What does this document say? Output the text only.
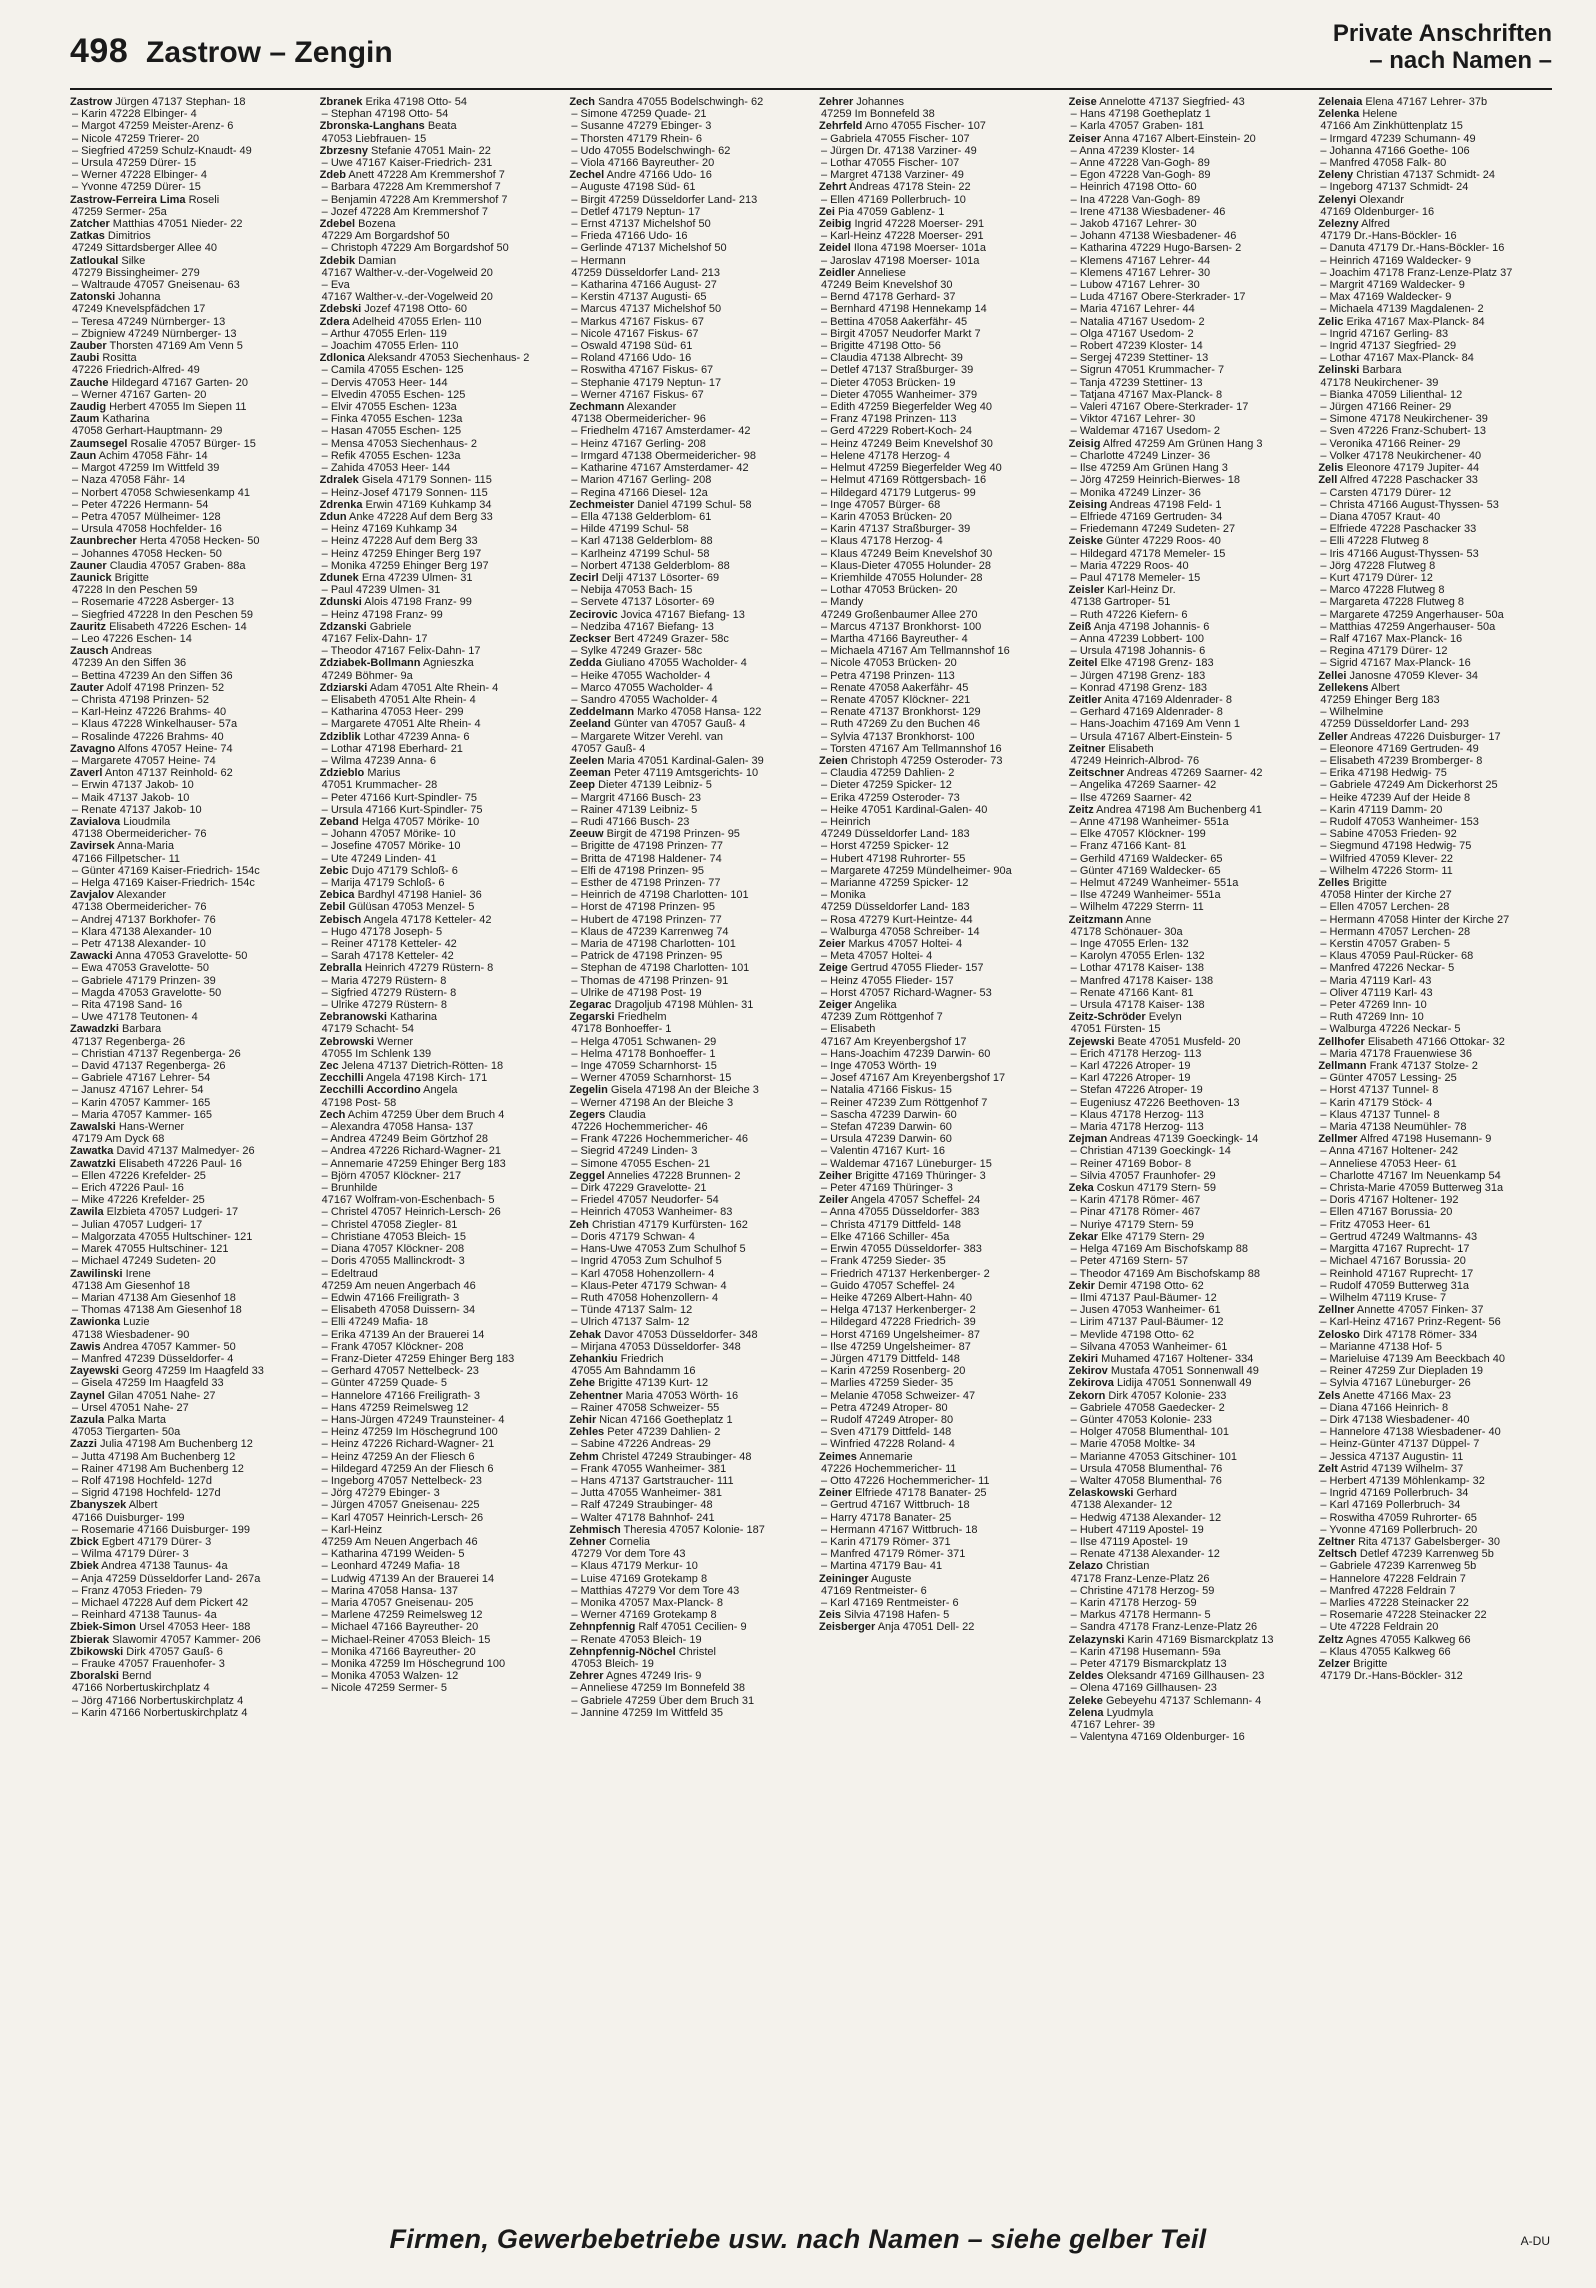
498 Zastrow – Zengin
Private Anschriften
– nach Namen –
Zastrow Jürgen 47137 Stephan- 18
– Karin 47228 Elbinger- 4
– Margot 47259 Meister-Arenz- 6
– Nicole 47259 Trierer- 20
– Siegfried 47259 Schulz-Knaudt- 49
– Ursula 47259 Dürer- 15
– Werner 47228 Elbinger- 4
– Yvonne 47259 Dürer- 15
Zastrow-Ferreira Lima Roseli
47259 Sermer- 25a
Zatcher Matthias 47051 Nieder- 22
Zatkas Dimitrios
47249 Sittardsberger Allee 40
Zatloukal Silke
47279 Bissingheimer- 279
– Waltraude 47057 Gneisenau- 63
Zatonski Johanna
47249 Knevelspfädchen 17
– Teresa 47249 Nürnberger- 13
– Zbigniew 47249 Nürnberger- 13
Zauber Thorsten 47169 Am Venn 5
Zaubi Rositta
47226 Friedrich-Alfred- 49
Zauche Hildegard 47167 Garten- 20
– Werner 47167 Garten- 20
Zaudig Herbert 47055 Im Siepen 11
Zaum Katharina
47058 Gerhart-Hauptmann- 29
Zaumsegel Rosalie 47057 Bürger- 15
Zaun Achim 47058 Fähr- 14
– Margot 47259 Im Wittfeld 39
– Naza 47058 Fähr- 14
– Norbert 47058 Schwiesenkamp 41
– Peter 47226 Hermann- 54
– Petra 47057 Mülheimer- 128
– Ursula 47058 Hochfelder- 16
Zaunbrecher Herta 47058 Hecken- 50
– Johannes 47058 Hecken- 50
Zauner Claudia 47057 Graben- 88a
Zaunick Brigitte
47228 In den Peschen 59
– Rosemarie 47228 Asberger- 13
– Siegfried 47228 In den Peschen 59
Zauritz Elisabeth 47226 Eschen- 14
– Leo 47226 Eschen- 14
Zausch Andreas
47239 An den Siffen 36
– Bettina 47239 An den Siffen 36
Zauter Adolf 47198 Prinzen- 52
– Christa 47198 Prinzen- 52
– Karl-Heinz 47226 Brahms- 40
– Klaus 47228 Winkelhauser- 57a
– Rosalinde 47226 Brahms- 40
Zavagno Alfons 47057 Heine- 74
– Margarete 47057 Heine- 74
Zaverl Anton 47137 Reinhold- 62
– Erwin 47137 Jakob- 10
– Maik 47137 Jakob- 10
– Renate 47137 Jakob- 10
Zavialova Lioudmila
47138 Obermeidericher- 76
Zavirsek Anna-Maria
47166 Fillpetscher- 11
– Günter 47169 Kaiser-Friedrich- 154c
– Helga 47169 Kaiser-Friedrich- 154c
Zavjalov Alexander
47138 Obermeidericher- 76
– Andrej 47137 Borkhofer- 76
– Klara 47138 Alexander- 10
– Petr 47138 Alexander- 10
Zawacki Anna 47053 Gravelotte- 50
– Ewa 47053 Gravelotte- 50
– Gabriele 47179 Prinzen- 39
– Magda 47053 Gravelotte- 50
– Rita 47198 Sand- 16
– Uwe 47178 Teutonen- 4
Zawadzki Barbara
47137 Regenberga- 26
– Christian 47137 Regenberga- 26
– David 47137 Regenberga- 26
– Gabriele 47167 Lehrer- 54
– Janusz 47167 Lehrer- 54
– Karin 47057 Kammer- 165
– Maria 47057 Kammer- 165
Zawalski Hans-Werner
47179 Am Dyck 68
Zawatka David 47137 Malmedyer- 26
Zawatzki Elisabeth 47226 Paul- 16
– Ellen 47226 Krefelder- 25
– Erich 47226 Paul- 16
– Mike 47226 Krefelder- 25
Zawila Elzbieta 47057 Ludgeri- 17
– Julian 47057 Ludgeri- 17
– Malgorzata 47055 Hultschiner- 121
– Marek 47055 Hultschiner- 121
– Michael 47249 Sudeten- 20
Zawilinski Irene
47138 Am Giesenhof 18
– Marian 47138 Am Giesenhof 18
– Thomas 47138 Am Giesenhof 18
Zawionka Luzie
47138 Wiesbadener- 90
Zawis Andrea 47057 Kammer- 50
– Manfred 47239 Düsseldorfer- 4
Zayewski Georg 47259 Im Haagfeld 33
– Gisela 47259 Im Haagfeld 33
Zaynel Gilan 47051 Nahe- 27
– Ursel 47051 Nahe- 27
Zazula Palka Marta
47053 Tiergarten- 50a
Zazzi Julia 47198 Am Buchenberg 12
– Jutta 47198 Am Buchenberg 12
– Rainer 47198 Am Buchenberg 12
– Rolf 47198 Hochfeld- 127d
– Sigrid 47198 Hochfeld- 127d
Zbanyszek Albert
47166 Duisburger- 199
– Rosemarie 47166 Duisburger- 199
Zbick Egbert 47179 Dürer- 3
– Wilma 47179 Dürer- 3
Zbiek Andrea 47138 Taunus- 4a
– Anja 47259 Düsseldorfer Land- 267a
– Franz 47053 Frieden- 79
– Michael 47228 Auf dem Pickert 42
– Reinhard 47138 Taunus- 4a
Zbiek-Simon Ursel 47053 Heer- 188
Zbierak Slawomir 47057 Kammer- 206
Zbikowski Dirk 47057 Gauß- 6
– Frauke 47057 Frauenhofer- 3
Zboralski Bernd
47166 Norbertuskirchplatz 4
– Jörg 47166 Norbertuskirchplatz 4
– Karin 47166 Norbertuskirchplatz 4
Zbranek Erika 47198 Otto- 54
– Stephan 47198 Otto- 54
Zbronska-Langhans Beata
47053 Liebfrauen- 15
Zbrzesny Stefanie 47051 Main- 22
– Uwe 47167 Kaiser-Friedrich- 231
Zdeb Anett 47228 Am Kremmershof 7
– Barbara 47228 Am Kremmershof 7
– Benjamin 47228 Am Kremmershof 7
– Jozef 47228 Am Kremmershof 7
Zdebel Bozena
47229 Am Borgardshof 50
– Christoph 47229 Am Borgardshof 50
Zdebik Damian
47167 Walther-v.-der-Vogelweid 20
– Eva
47167 Walther-v.-der-Vogelweid 20
Zdebski Jozef 47198 Otto- 60
Zdera Adelheid 47055 Erlen- 110
– Arthur 47055 Erlen- 119
– Joachim 47055 Erlen- 110
Zdlonica Aleksandr 47053 Siechenhaus- 2
– Camila 47055 Eschen- 125
– Dervis 47053 Heer- 144
– Elvedin 47055 Eschen- 125
– Elvir 47055 Eschen- 123a
– Finka 47055 Eschen- 123a
– Hasan 47055 Eschen- 125
– Mensa 47053 Siechenhaus- 2
– Refik 47055 Eschen- 123a
– Zahida 47053 Heer- 144
Zdralek Gisela 47179 Sonnen- 115
– Heinz-Josef 47179 Sonnen- 115
Zdrenka Erwin 47169 Kuhkamp 34
Zdun Anke 47228 Auf dem Berg 33
– Heinz 47169 Kuhkamp 34
– Heinz 47228 Auf dem Berg 33
– Heinz 47259 Ehinger Berg 197
– Monika 47259 Ehinger Berg 197
Zdunek Erna 47239 Ulmen- 31
– Paul 47239 Ulmen- 31
Zdunski Alois 47198 Franz- 99
– Heinz 47198 Franz- 99
Zdzanski Gabriele
47167 Felix-Dahn- 17
– Theodor 47167 Felix-Dahn- 17
Zdziabek-Bollmann Agnieszka
47249 Böhmer- 9a
Zdziarski Adam 47051 Alte Rhein- 4
– Elisabeth 47051 Alte Rhein- 4
– Katharina 47053 Heer- 299
– Margarete 47051 Alte Rhein- 4
Zdziblik Lothar 47239 Anna- 6
– Lothar 47198 Eberhard- 21
– Wilma 47239 Anna- 6
Zdzieblo Marius
47051 Krummacher- 28
– Peter 47166 Kurt-Spindler- 75
– Ursula 47166 Kurt-Spindler- 75
Zeband Helga 47057 Mörike- 10
– Johann 47057 Mörike- 10
– Josefine 47057 Mörike- 10
– Ute 47249 Linden- 41
Zebic Dujo 47179 Schloß- 6
– Marija 47179 Schloß- 6
Zebica Bardhyl 47198 Haniel- 36
Zebil Gülüsan 47053 Menzel- 5
Zebisch Angela 47178 Ketteler- 42
– Hugo 47178 Joseph- 5
– Reiner 47178 Ketteler- 42
– Sarah 47178 Ketteler- 42
Zebralla Heinrich 47279 Rüstern- 8
– Maria 47279 Rüstern- 8
– Sigfried 47279 Rüstern- 8
– Ulrike 47279 Rüstern- 8
Zebranowski Katharina
47179 Schacht- 54
Zebrowski Werner
47055 Im Schlenk 139
Zec Jelena 47137 Dietrich-Rötten- 18
Zecchilli Angela 47198 Kirch- 171
Zecchilli Accordino Angela
47198 Post- 58
Zech Achim 47259 Über dem Bruch 4
– Alexandra 47058 Hansa- 137
– Andrea 47249 Beim Görtzhof 28
– Andrea 47226 Richard-Wagner- 21
– Annemarie 47259 Ehinger Berg 183
– Björn 47057 Klöckner- 217
– Brunhilde
47167 Wolfram-von-Eschenbach- 5
– Christel 47057 Heinrich-Lersch- 26
– Christel 47058 Ziegler- 81
– Christiane 47053 Bleich- 15
– Diana 47057 Klöckner- 208
– Doris 47055 Mallinckrodt- 3
– Edeltraud
47259 Am neuen Angerbach 46
– Edwin 47166 Freiligrath- 3
– Elisabeth 47058 Duissern- 34
– Elli 47249 Mafia- 18
– Erika 47139 An der Brauerei 14
– Frank 47057 Klöckner- 208
– Franz-Dieter 47259 Ehinger Berg 183
– Gerhard 47057 Nettelbeck- 23
– Günter 47259 Quade- 5
– Hannelore 47166 Freiligrath- 3
– Hans 47259 Reimelsweg 12
– Hans-Jürgen 47249 Traunsteiner- 4
– Heinz 47259 Im Höschegrund 100
– Heinz 47226 Richard-Wagner- 21
– Heinz 47259 An der Fliesch 6
– Hildegard 47259 An der Fliesch 6
– Ingeborg 47057 Nettelbeck- 23
– Jörg 47279 Ebinger- 3
– Jürgen 47057 Gneisenau- 225
– Karl 47057 Heinrich-Lersch- 26
– Karl-Heinz
47259 Am Neuen Angerbach 46
– Katharina 47199 Weiden- 5
– Leonhard 47249 Mafia- 18
– Ludwig 47139 An der Brauerei 14
– Marina 47058 Hansa- 137
– Maria 47057 Gneisenau- 205
– Marlene 47259 Reimelsweg 12
– Michael 47166 Bayreuther- 20
– Michael-Reiner 47053 Bleich- 15
– Monika 47166 Bayreuther- 20
– Monika 47259 Im Höschegrund 100
– Monika 47053 Walzen- 12
– Nicole 47259 Sermer- 5
Zech Sandra 47055 Bodelschwingh- 62
– Simone 47259 Quade- 21
– Susanne 47279 Ebinger- 3
– Thorsten 47179 Rhein- 6
– Udo 47055 Bodelschwingh- 62
– Viola 47166 Bayreuther- 20
Zechel Andre 47166 Udo- 16
– Auguste 47198 Süd- 61
– Birgit 47259 Düsseldorfer Land- 213
– Detlef 47179 Neptun- 17
– Ernst 47137 Michelshof 50
– Frieda 47166 Udo- 16
– Gerlinde 47137 Michelshof 50
– Hermann
47259 Düsseldorfer Land- 213
– Katharina 47166 August- 27
– Kerstin 47137 Augusti- 65
– Marcus 47137 Michelshof 50
– Markus 47167 Fiskus- 67
– Nicole 47167 Fiskus- 67
– Oswald 47198 Süd- 61
– Roland 47166 Udo- 16
– Roswitha 47167 Fiskus- 67
– Stephanie 47179 Neptun- 17
– Werner 47167 Fiskus- 67
Zechmann Alexander
47138 Obermeidericher- 96
– Friedhelm 47167 Amsterdamer- 42
– Heinz 47167 Gerling- 208
– Irmgard 47138 Obermeidericher- 98
– Katharine 47167 Amsterdamer- 42
– Marion 47167 Gerling- 208
– Regina 47166 Diesel- 12a
Zechmeister Daniel 47199 Schul- 58
– Ella 47138 Gelderblom- 61
– Hilde 47199 Schul- 58
– Karl 47138 Gelderblom- 88
– Karlheinz 47199 Schul- 58
– Norbert 47138 Gelderblom- 88
Zecirl Delji 47137 Lösorter- 69
– Nebija 47053 Bach- 15
– Servete 47137 Lösorter- 69
Zecirovic Jovica 47167 Biefang- 13
– Nedziba 47167 Biefang- 13
Zeckser Bert 47249 Grazer- 58c
– Sylke 47249 Grazer- 58c
Zedda Giuliano 47055 Wacholder- 4
– Heike 47055 Wacholder- 4
– Marco 47055 Wacholder- 4
– Sandro 47055 Wacholder- 4
Zeddelmann Marko 47058 Hansa- 122
Zeeland Günter van 47057 Gauß- 4
– Margarete Witzer Verehl. van
47057 Gauß- 4
Zeelen Maria 47051 Kardinal-Galen- 39
Zeeman Peter 47119 Amtsgerichts- 10
Zeep Dieter 47139 Leibniz- 5
– Margrit 47166 Busch- 23
– Rainer 47139 Leibniz- 5
– Rudi 47166 Busch- 23
Zeeuw Birgit de 47198 Prinzen- 95
– Brigitte de 47198 Prinzen- 77
– Britta de 47198 Haldener- 74
– Elfi de 47198 Prinzen- 95
– Esther de 47198 Prinzen- 77
– Heinrich de 47198 Charlotten- 101
– Horst de 47198 Prinzen- 95
– Hubert de 47198 Prinzen- 77
– Klaus de 47239 Karrenweg 74
– Maria de 47198 Charlotten- 101
– Patrick de 47198 Prinzen- 95
– Stephan de 47198 Charlotten- 101
– Thomas de 47198 Prinzen- 91
– Ulrike de 47198 Post- 19
Zegarac Dragoljub 47198 Mühlen- 31
Zegarski Friedhelm
47178 Bonhoeffer- 1
– Helga 47051 Schwanen- 29
– Helma 47178 Bonhoeffer- 1
– Inge 47059 Scharnhorst- 15
– Werner 47059 Scharnhorst- 15
Zegelin Gisela 47198 An der Bleiche 3
– Werner 47198 An der Bleiche 3
Zegers Claudia
47226 Hochemmericher- 46
– Frank 47226 Hochemmericher- 46
– Siegrid 47249 Linden- 3
– Simone 47055 Eschen- 21
Zeggel Annelies 47228 Brunnen- 2
– Dirk 47229 Gravelotte- 21
– Friedel 47057 Neudorfer- 54
– Heinrich 47053 Wanheimer- 83
Zeh Christian 47179 Kurfürsten- 162
– Doris 47179 Schwan- 4
– Hans-Uwe 47053 Zum Schulhof 5
– Ingrid 47053 Zum Schulhof 5
– Karl 47058 Hohenzollern- 4
– Klaus-Peter 47179 Schwan- 4
– Ruth 47058 Hohenzollern- 4
– Tünde 47137 Salm- 12
– Ulrich 47137 Salm- 12
Zehak Davor 47053 Düsseldorfer- 348
– Mirjana 47053 Düsseldorfer- 348
Zehankiu Friedrich
47055 Am Bahndamm 16
Zehe Brigitte 47139 Kurt- 12
Zehentner Maria 47053 Wörth- 16
– Rainer 47058 Schweizer- 55
Zehir Nican 47166 Goetheplatz 1
Zehles Peter 47239 Dahlien- 2
– Sabine 47226 Andreas- 29
Zehm Christel 47249 Straubinger- 48
– Frank 47055 Wanheimer- 381
– Hans 47137 Gartstraucher- 111
– Jutta 47055 Wanheimer- 381
– Ralf 47249 Straubinger- 48
– Walter 47178 Bahnhof- 241
Zehmisch Theresia 47057 Kolonie- 187
Zehner Cornelia
47279 Vor dem Tore 43
– Klaus 47179 Merkur- 10
– Luise 47169 Grotekamp 8
– Matthias 47279 Vor dem Tore 43
– Monika 47057 Max-Planck- 8
– Werner 47169 Grotekamp 8
Zehnpfennig Ralf 47051 Cecilien- 9
– Renate 47053 Bleich- 19
Zehnpfennig-Nöchel Christel
47053 Bleich- 19
Zehrer Agnes 47249 Iris- 9
– Anneliese 47259 Im Bonnefeld 38
– Gabriele 47259 Über dem Bruch 31
– Jannine 47259 Im Wittfeld 35
Zehrer Johannes
47259 Im Bonnefeld 38
Zehrfeld Arno 47055 Fischer- 107
– Gabriela 47055 Fischer- 107
– Jürgen Dr. 47138 Varziner- 49
– Lothar 47055 Fischer- 107
– Margret 47138 Varziner- 49
Zehrt Andreas 47178 Stein- 22
– Ellen 47169 Pollerbruch- 10
Zei Pia 47059 Gablenz- 1
Zeibig Ingrid 47228 Moerser- 291
– Karl-Heinz 47228 Moerser- 291
Zeidel Ilona 47198 Moerser- 101a
– Jaroslav 47198 Moerser- 101a
Zeidler Anneliese
47249 Beim Knevelshof 30
– Bernd 47178 Gerhard- 37
– Bernhard 47198 Hennekamp 14
– Bettina 47058 Aakerfähr- 45
– Birgit 47057 Neudorfer Markt 7
– Brigitte 47198 Otto- 56
– Claudia 47138 Albrecht- 39
– Detlef 47137 Straßburger- 39
– Dieter 47053 Brücken- 19
– Dieter 47055 Wanheimer- 379
– Edith 47259 Biegerfelder Weg 40
– Franz 47198 Prinzen- 113
– Gerd 47229 Robert-Koch- 24
– Heinz 47249 Beim Knevelshof 30
– Helene 47178 Herzog- 4
– Helmut 47259 Biegerfelder Weg 40
– Helmut 47169 Röttgersbach- 16
– Hildegard 47179 Lutgerus- 99
– Inge 47057 Bürger- 68
– Karin 47053 Brücken- 20
– Karin 47137 Straßburger- 39
– Klaus 47178 Herzog- 4
– Klaus 47249 Beim Knevelshof 30
– Klaus-Dieter 47055 Holunder- 28
– Kriemhilde 47055 Holunder- 28
– Lothar 47053 Brücken- 20
– Mandy
47249 Großenbaumer Allee 270
– Marcus 47137 Bronkhorst- 100
– Martha 47166 Bayreuther- 4
– Michaela 47167 Am Tellmannshof 16
– Nicole 47053 Brücken- 20
– Petra 47198 Prinzen- 113
– Renate 47058 Aakerfähr- 45
– Renate 47057 Klöckner- 221
– Renate 47137 Bronkhorst- 129
– Ruth 47269 Zu den Buchen 46
– Sylvia 47137 Bronkhorst- 100
– Torsten 47167 Am Tellmannshof 16
Zeien Christoph 47259 Osteroder- 73
– Claudia 47259 Dahlien- 2
– Dieter 47259 Spicker- 12
– Erika 47259 Osteroder- 73
– Heike 47051 Kardinal-Galen- 40
– Heinrich
47249 Düsseldorfer Land- 183
– Horst 47259 Spicker- 12
– Hubert 47198 Ruhrorter- 55
– Margarete 47259 Mündelheimer- 90a
– Marianne 47259 Spicker- 12
– Monika
47259 Düsseldorfer Land- 183
– Rosa 47279 Kurt-Heintze- 44
– Walburga 47058 Schreiber- 14
Zeier Markus 47057 Holtei- 4
– Meta 47057 Holtei- 4
Zeige Gertrud 47055 Flieder- 157
– Heinz 47055 Flieder- 157
– Horst 47057 Richard-Wagner- 53
Zeiger Angelika
47239 Zum Röttgenhof 7
– Elisabeth
47167 Am Kreyenbergshof 17
– Hans-Joachim 47239 Darwin- 60
– Inge 47053 Wörth- 19
– Josef 47167 Am Kreyenbergshof 17
– Natalia 47166 Fiskus- 15
– Reiner 47239 Zum Röttgenhof 7
– Sascha 47239 Darwin- 60
– Stefan 47239 Darwin- 60
– Ursula 47239 Darwin- 60
– Valentin 47167 Kurt- 16
– Waldemar 47167 Lüneburger- 15
Zeiher Brigitte 47169 Thüringer- 3
– Peter 47169 Thüringer- 3
Zeiler Angela 47057 Scheffel- 24
– Anna 47055 Düsseldorfer- 383
– Christa 47179 Dittfeld- 148
– Elke 47166 Schiller- 45a
– Erwin 47055 Düsseldorfer- 383
– Frank 47259 Sieder- 35
– Friedrich 47137 Herkenberger- 2
– Guido 47057 Scheffel- 24
– Heike 47269 Albert-Hahn- 40
– Helga 47137 Herkenberger- 2
– Hildegard 47228 Friedrich- 39
– Horst 47169 Ungelsheimer- 87
– Ilse 47259 Ungelsheimer- 87
– Jürgen 47179 Dittfeld- 148
– Karin 47259 Rosenberg- 20
– Marlies 47259 Sieder- 35
– Melanie 47058 Schweizer- 47
– Petra 47249 Atroper- 80
– Rudolf 47249 Atroper- 80
– Sven 47179 Dittfeld- 148
– Winfried 47228 Roland- 4
Zeimes Annemarie
47226 Hochemmericher- 11
– Otto 47226 Hochemmericher- 11
Zeiner Elfriede 47178 Banater- 25
– Gertrud 47167 Wittbruch- 18
– Harry 47178 Banater- 25
– Hermann 47167 Wittbruch- 18
– Karin 47179 Römer- 371
– Manfred 47179 Römer- 371
– Martina 47179 Bau- 41
Zeininger Auguste
47169 Rentmeister- 6
– Karl 47169 Rentmeister- 6
Zeis Silvia 47198 Hafen- 5
Zeisberger Anja 47051 Dell- 22
Zeise Annelotte 47137 Siegfried- 43
– Hans 47198 Goetheplatz 1
– Karla 47057 Graben- 181
Zeiser Anna 47167 Albert-Einstein- 20
– Anna 47239 Kloster- 14
– Anne 47228 Van-Gogh- 89
– Egon 47228 Van-Gogh- 89
– Heinrich 47198 Otto- 60
– Ina 47228 Van-Gogh- 89
– Irene 47138 Wiesbadener- 46
– Jakob 47167 Lehrer- 30
– Johann 47138 Wiesbadener- 46
– Katharina 47229 Hugo-Barsen- 2
– Klemens 47167 Lehrer- 44
– Klemens 47167 Lehrer- 30
– Lubow 47167 Lehrer- 30
– Luda 47167 Obere-Sterkrader- 17
– Maria 47167 Lehrer- 44
– Natalia 47167 Usedom- 2
– Olga 47167 Usedom- 2
– Robert 47239 Kloster- 14
– Sergej 47239 Stettiner- 13
– Sigrun 47051 Krummacher- 7
– Tanja 47239 Stettiner- 13
– Tatjana 47167 Max-Planck- 8
– Valeri 47167 Obere-Sterkrader- 17
– Viktor 47167 Lehrer- 30
– Waldemar 47167 Usedom- 2
Zeisig Alfred 47259 Am Grünen Hang 3
– Charlotte 47249 Linzer- 36
– Ilse 47259 Am Grünen Hang 3
– Jörg 47259 Heinrich-Bierwes- 18
– Monika 47249 Linzer- 36
Zeising Andreas 47198 Feld- 1
– Elfriede 47169 Gertruden- 34
– Friedemann 47249 Sudeten- 27
Zeiske Günter 47229 Roos- 40
– Hildegard 47178 Memeler- 15
– Maria 47229 Roos- 40
– Paul 47178 Memeler- 15
Zeisler Karl-Heinz Dr.
47138 Gartroper- 51
– Ruth 47226 Kiefern- 6
Zeiß Anja 47198 Johannis- 6
– Anna 47239 Lobbert- 100
– Ursula 47198 Johannis- 6
Zeitel Elke 47198 Grenz- 183
– Jürgen 47198 Grenz- 183
– Konrad 47198 Grenz- 183
Zeitler Anita 47169 Aldenrader- 8
– Gerhard 47169 Aldenrader- 8
– Hans-Joachim 47169 Am Venn 1
– Ursula 47167 Albert-Einstein- 5
Zeitner Elisabeth
47249 Heinrich-Albrod- 76
Zeitschner Andreas 47269 Saarner- 42
– Angelika 47269 Saarner- 42
– Ilse 47269 Saarner- 42
Zeitz Andrea 47198 Am Buchenberg 41
– Anne 47198 Wanheimer- 551a
– Elke 47057 Klöckner- 199
– Franz 47166 Kant- 81
– Gerhild 47169 Waldecker- 65
– Günter 47169 Waldecker- 65
– Helmut 47249 Wanheimer- 551a
– Ilse 47249 Wanheimer- 551a
– Wilhelm 47229 Sterrn- 11
Zeitzmann Anne
47178 Schönauer- 30a
– Inge 47055 Erlen- 132
– Karolyn 47055 Erlen- 132
– Lothar 47178 Kaiser- 138
– Manfred 47178 Kaiser- 138
– Renate 47166 Kant- 81
– Ursula 47178 Kaiser- 138
Zeitz-Schröder Evelyn
47051 Fürsten- 15
Zejewski Beate 47051 Musfeld- 20
– Erich 47178 Herzog- 113
– Karl 47226 Atroper- 19
– Karl 47226 Atroper- 19
– Stefan 47226 Atroper- 19
– Eugeniusz 47226 Beethoven- 13
– Klaus 47178 Herzog- 113
– Maria 47178 Herzog- 113
Zejman Andreas 47139 Goeckingk- 14
– Christian 47139 Goeckingk- 14
– Reiner 47169 Bobor- 8
– Silvia 47057 Fraunhofer- 29
Zeka Coskun 47179 Stern- 59
– Karin 47178 Römer- 467
– Pinar 47178 Römer- 467
– Nuriye 47179 Stern- 59
Zekar Elke 47179 Stern- 29
– Helga 47169 Am Bischofskamp 88
– Peter 47169 Stern- 57
– Theodor 47169 Am Bischofskamp 88
Zekir Demir 47198 Otto- 62
– Ilmi 47137 Paul-Bäumer- 12
– Jusen 47053 Wanheimer- 61
– Lirim 47137 Paul-Bäumer- 12
– Mevlide 47198 Otto- 62
– Silvana 47053 Wanheimer- 61
Zekiri Muhamed 47167 Holtener- 334
Zekirov Mustafa 47051 Sonnenwall 49
Zekirova Lidija 47051 Sonnenwall 49
Zekorn Dirk 47057 Kolonie- 233
– Gabriele 47058 Gaedecker- 2
– Günter 47053 Kolonie- 233
– Holger 47058 Blumenthal- 101
– Marie 47058 Moltke- 34
– Marianne 47053 Gitschiner- 101
– Ursula 47058 Blumenthal- 76
– Walter 47058 Blumenthal- 76
Zelaskowski Gerhard
47138 Alexander- 12
– Hedwig 47138 Alexander- 12
– Hubert 47119 Apostel- 19
– Ilse 47119 Apostel- 19
– Renate 47138 Alexander- 12
Zelazo Christian
47178 Franz-Lenze-Platz 26
– Christine 47178 Herzog- 59
– Karin 47178 Herzog- 59
– Markus 47178 Hermann- 5
– Sandra 47178 Franz-Lenze-Platz 26
Zelazynski Karin 47169 Bismarckplatz 13
– Karin 47198 Husemann- 59a
– Peter 47179 Bismarckplatz 13
Zeldes Oleksandr 47169 Gillhausen- 23
– Olena 47169 Gillhausen- 23
Zeleke Gebeyehu 47137 Schlemann- 4
Zelena Lyudmyla
47167 Lehrer- 39
– Valentyna 47169 Oldenburger- 16
Zelenaia Elena 47167 Lehrer- 37b
Zelenka Helene
47166 Am Zinkhüttenplatz 15
– Irmgard 47239 Schumann- 49
– Johanna 47166 Goethe- 106
– Manfred 47058 Falk- 80
Zeleny Christian 47137 Schmidt- 24
– Ingeborg 47137 Schmidt- 24
Zelenyi Olexandr
47169 Oldenburger- 16
Zelezny Alfred
47179 Dr.-Hans-Böckler- 16
– Danuta 47179 Dr.-Hans-Böckler- 16
– Heinrich 47169 Waldecker- 9
– Joachim 47178 Franz-Lenze-Platz 37
– Margrit 47169 Waldecker- 9
– Max 47169 Waldecker- 9
– Michaela 47139 Magdalenen- 2
Zelic Erika 47167 Max-Planck- 84
– Ingrid 47167 Gerling- 83
– Ingrid 47137 Siegfried- 29
– Lothar 47167 Max-Planck- 84
Zelinski Barbara
47178 Neukirchener- 39
– Bianka 47059 Lilienthal- 12
– Jürgen 47166 Reiner- 29
– Simone 47178 Neukirchener- 39
– Sven 47226 Franz-Schubert- 13
– Veronika 47166 Reiner- 29
– Volker 47178 Neukirchener- 40
Zelis Eleonore 47179 Jupiter- 44
Zell Alfred 47228 Paschacker 33
– Carsten 47179 Dürer- 12
– Christa 47166 August-Thyssen- 53
– Diana 47057 Kraut- 40
– Elfriede 47228 Paschacker 33
– Elli 47228 Flutweg 8
– Iris 47166 August-Thyssen- 53
– Jörg 47228 Flutweg 8
– Kurt 47179 Dürer- 12
– Marco 47228 Flutweg 8
– Margareta 47228 Flutweg 8
– Margarete 47259 Angerhauser- 50a
– Matthias 47259 Angerhauser- 50a
– Ralf 47167 Max-Planck- 16
– Regina 47179 Dürer- 12
– Sigrid 47167 Max-Planck- 16
Zellei Janosne 47059 Klever- 34
Zellekens Albert
47259 Ehinger Berg 183
– Wilhelmine
47259 Düsseldorfer Land- 293
Zeller Andreas 47226 Duisburger- 17
– Eleonore 47169 Gertruden- 49
– Elisabeth 47239 Bromberger- 8
– Erika 47198 Hedwig- 75
– Gabriele 47249 Am Dickerhorst 25
– Heike 47239 Auf der Heide 8
– Karin 47119 Damm- 20
– Rudolf 47053 Wanheimer- 153
– Sabine 47053 Frieden- 92
– Siegmund 47198 Hedwig- 75
– Wilfried 47059 Klever- 22
– Wilhelm 47226 Storm- 11
Zelles Brigitte
47058 Hinter der Kirche 27
– Ellen 47057 Lerchen- 28
– Hermann 47058 Hinter der Kirche 27
– Hermann 47057 Lerchen- 28
– Kerstin 47057 Graben- 5
– Klaus 47059 Paul-Rücker- 68
– Manfred 47226 Neckar- 5
– Maria 47119 Karl- 43
– Oliver 47119 Karl- 43
– Peter 47269 Inn- 10
– Ruth 47269 Inn- 10
– Walburga 47226 Neckar- 5
Zellhofer Elisabeth 47166 Ottokar- 32
– Maria 47178 Frauenwiese 36
Zellmann Frank 47137 Stolze- 2
– Günter 47057 Lessing- 25
– Horst 47137 Tunnel- 8
– Karin 47179 Stöck- 4
– Klaus 47137 Tunnel- 8
– Maria 47138 Neumühler- 78
Zellmer Alfred 47198 Husemann- 9
– Anna 47167 Holtener- 242
– Anneliese 47053 Heer- 61
– Charlotte 47167 Im Neuenkamp 54
– Christa-Marie 47059 Butterweg 31a
– Doris 47167 Holtener- 192
– Ellen 47167 Borussia- 20
– Fritz 47053 Heer- 61
– Gertrud 47249 Waltmanns- 43
– Margitta 47167 Ruprecht- 17
– Michael 47167 Borussia- 20
– Reinhold 47167 Ruprecht- 17
– Rudolf 47059 Butterweg 31a
– Wilhelm 47119 Kruse- 7
Zellner Annette 47057 Finken- 37
– Karl-Heinz 47167 Prinz-Regent- 56
Zelosko Dirk 47178 Römer- 334
– Marianne 47138 Hof- 5
– Marieluise 47139 Am Beeckbach 40
– Reiner 47259 Zur Diepladen 19
– Sylvia 47167 Lüneburger- 26
Zels Anette 47166 Max- 23
– Diana 47166 Heinrich- 8
– Dirk 47138 Wiesbadener- 40
– Hannelore 47138 Wiesbadener- 40
– Heinz-Günter 47137 Düppel- 7
– Jessica 47137 Augustin- 11
Zelt Astrid 47139 Wilhelm- 37
– Herbert 47139 Möhlenkamp- 32
– Ingrid 47169 Pollerbruch- 34
– Karl 47169 Pollerbruch- 34
– Roswitha 47059 Ruhrorter- 65
– Yvonne 47169 Pollerbruch- 20
Zeltner Rita 47137 Gabelsberger- 30
Zeltsch Detlef 47239 Karrenweg 5b
– Gabriele 47239 Karrenweg 5b
– Hannelore 47228 Feldrain 7
– Manfred 47228 Feldrain 7
– Marlies 47228 Steinacker 22
– Rosemarie 47228 Steinacker 22
– Ute 47228 Feldrain 20
Zeltz Agnes 47055 Kalkweg 66
– Klaus 47055 Kalkweg 66
Zelzer Brigitte
47179 Dr.-Hans-Böckler- 312
Firmen, Gewerbebetriebe usw. nach Namen – siehe gelber Teil	A-DU
